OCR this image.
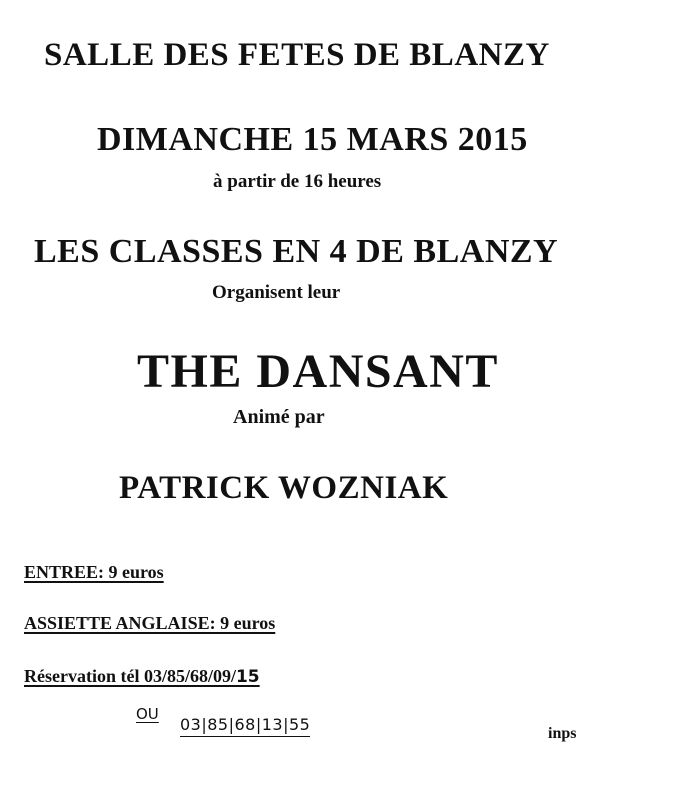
SALLE DES FETES DE BLANZY
DIMANCHE 15 MARS 2015
à partir de 16 heures
LES CLASSES EN 4 DE BLANZY
Organisent leur
THE DANSANT
Animé par
PATRICK WOZNIAK
ENTREE: 9 euros
ASSIETTE ANGLAISE: 9 euros
Réservation tél 03/85/68/09/15
OU
03|85|68|13|55	inps
